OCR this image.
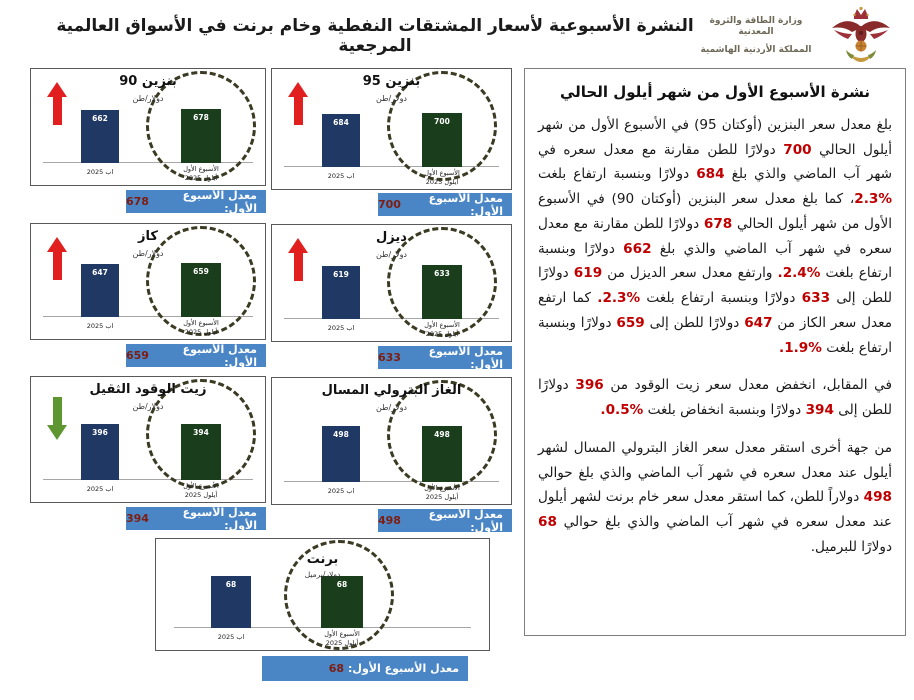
النشرة الأسبوعية لأسعار المشتقات النفطية وخام برنت في الأسواق العالمية المرجعية
وزارة الطاقة والثروة المعدنية
المملكة الأردنية الهاشمية
بنزين 90
دولار/طن
662	678
اب 2025	الأسبوع الأول
أيلول 2025
معدل الأسبوع الأول:
678
بنزين 95
دولار/طن
684	700
اب 2025	الأسبوع الأول
أيلول 2025
معدل الأسبوع الأول:
700
كاز
دولار/طن
647	659
اب 2025	الأسبوع الأول
أيلول 2025
معدل الأسبوع الأول:
659
ديزل
دولار/طن
619	633
اب 2025	الأسبوع الأول
أيلول 2025
معدل الأسبوع الأول:
633
زيت الوقود الثقيل
دولار/طن
396	394
اب 2025	الأسبوع الأول
أيلول 2025
معدل الأسبوع الأول:
394
الغاز البترولي المسال
دولار/طن
498	498
اب 2025	الأسبوع الأول
أيلول 2025
معدل الأسبوع الأول:
498
برنت
دولار/برميل
68	68
اب 2025	الأسبوع الأول
أيلول 2025
معدل الأسبوع الأول:
68
نشرة الأسبوع الأول من شهر أيلول الحالي

بلغ معدل سعر البنزين (أوكتان 95) في الأسبوع الأول من شهر أيلول الحالي 700 دولارًا للطن مقارنة مع معدل سعره في شهر آب الماضي والذي بلغ 684 دولارًا وبنسبة ارتفاع بلغت %2.3، كما بلغ معدل سعر البنزين (أوكتان 90) في الأسبوع الأول من شهر أيلول الحالي 678 دولارًا للطن مقارنة مع معدل سعره في شهر آب الماضي والذي بلغ 662 دولارًا وبنسبة ارتفاع بلغت %2.4. وارتفع معدل سعر الديزل من 619 دولارًا للطن إلى 633 دولارًا وبنسبة ارتفاع بلغت %2.3. كما ارتفع معدل سعر الكاز من 647 دولارًا للطن إلى 659 دولارًا وبنسبة ارتفاع بلغت %1.9.

في المقابل، انخفض معدل سعر زيت الوقود من 396 دولارًا للطن إلى 394 دولارًا وبنسبة انخفاض بلغت %0.5.

من جهة أخرى استقر معدل سعر الغاز البترولي المسال لشهر أيلول عند معدل سعره في شهر آب الماضي والذي بلغ حوالي 498 دولاراً للطن، كما استقر معدل سعر خام برنت لشهر أيلول عند معدل سعره في شهر آب الماضي والذي بلغ حوالي 68 دولارًا للبرميل.
